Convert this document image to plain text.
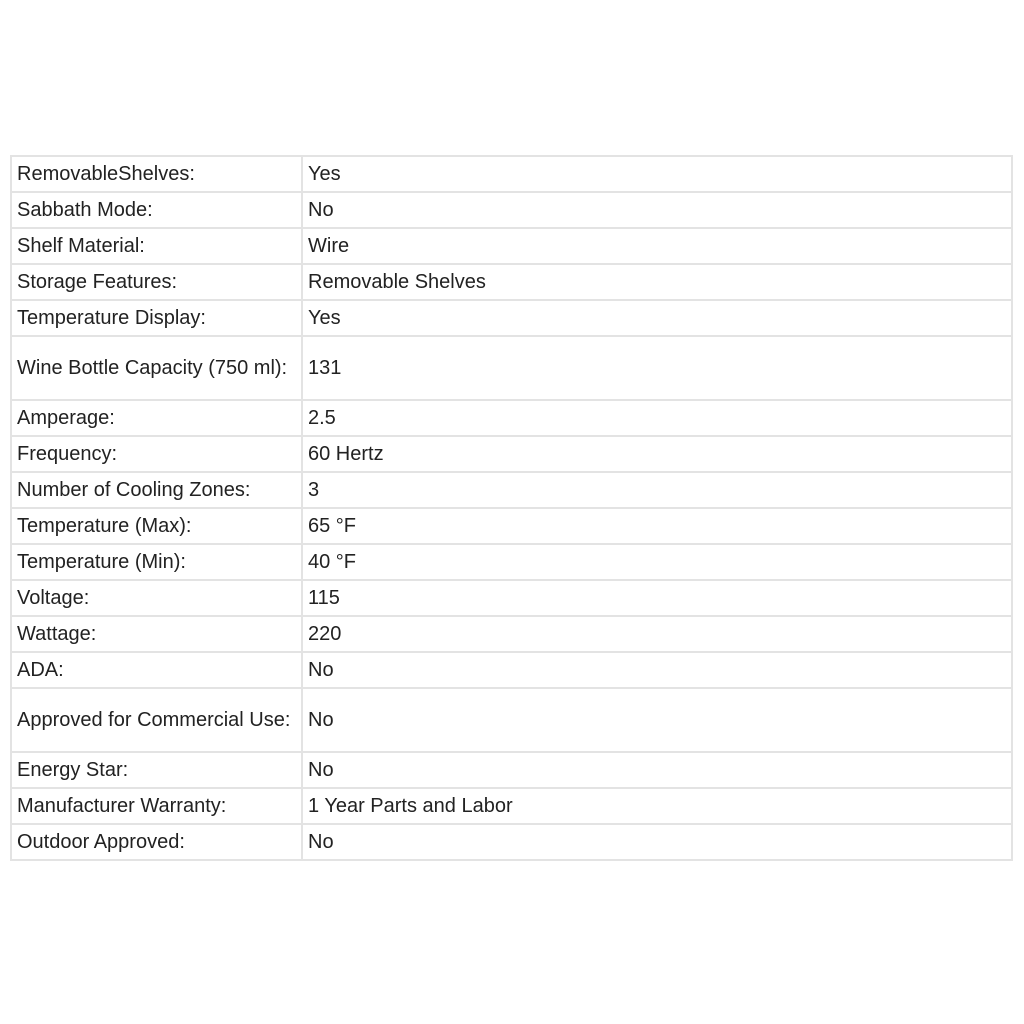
RemovableShelves:	Yes
Sabbath Mode:	No
Shelf Material:	Wire
Storage Features:	Removable Shelves
Temperature Display:	Yes
Wine Bottle Capacity (750 ml):	131
Amperage:	2.5
Frequency:	60 Hertz
Number of Cooling Zones:	3
Temperature (Max):	65 °F
Temperature (Min):	40 °F
Voltage:	115
Wattage:	220
ADA:	No
Approved for Commercial Use:	No
Energy Star:	No
Manufacturer Warranty:	1 Year Parts and Labor
Outdoor Approved:	No
